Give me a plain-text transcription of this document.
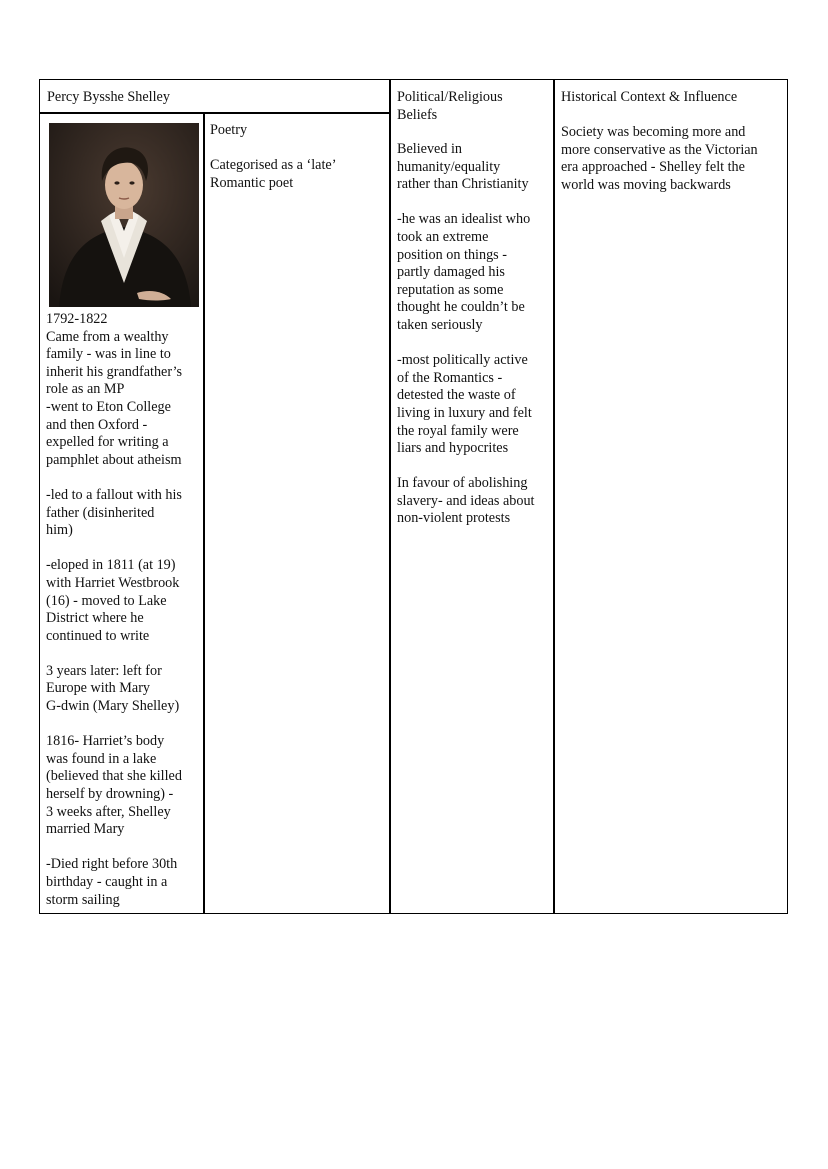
Percy Bysshe Shelley
1792-1822
Came from a wealthy
family - was in line to
inherit his grandfather’s
role as an MP
-went to Eton College
and then Oxford -
expelled for writing a
pamphlet about atheism

-led to a fallout with his
father (disinherited
him)

-eloped in 1811 (at 19)
with Harriet Westbrook
(16) - moved to Lake
District where he
continued to write

3 years later: left for
Europe with Mary
G-dwin (Mary Shelley)

1816- Harriet’s body
was found in a lake
(believed that she killed
herself by drowning) -
3 weeks after, Shelley
married Mary

-Died right before 30th
birthday - caught in a
storm sailing
Poetry
Categorised as a ‘late’
Romantic poet
Political/Religious
Beliefs
Believed in
humanity/equality
rather than Christianity

-he was an idealist who
took an extreme
position on things -
partly damaged his
reputation as some
thought he couldn’t be
taken seriously

-most politically active
of the Romantics -
detested the waste of
living in luxury and felt
the royal family were
liars and hypocrites

In favour of abolishing
slavery- and ideas about
non-violent protests
Historical Context & Influence
Society was becoming more and
more conservative as the Victorian
era approached - Shelley felt the
world was moving backwards
